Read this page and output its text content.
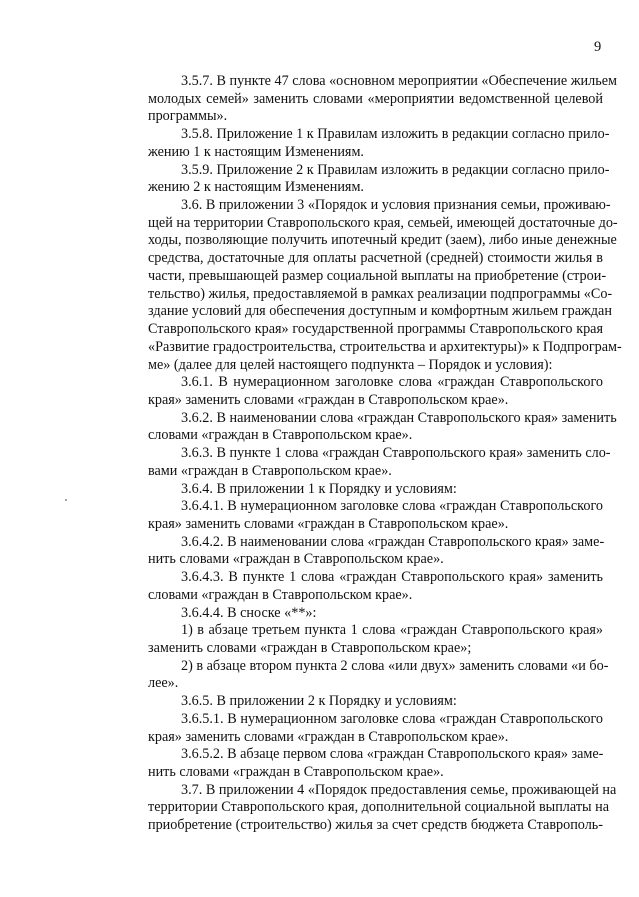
9
3.5.7. В пункте 47 слова «основном мероприятии «Обеспечение жильем
молодых семей» заменить словами «мероприятии ведомственной целевой
программы».
3.5.8. Приложение 1 к Правилам изложить в редакции согласно прило-
жению 1 к настоящим Изменениям.
3.5.9. Приложение 2 к Правилам изложить в редакции согласно прило-
жению 2 к настоящим Изменениям.
3.6. В приложении 3 «Порядок и условия признания семьи, проживаю-
щей на территории Ставропольского края, семьей, имеющей достаточные до-
ходы, позволяющие получить ипотечный кредит (заем), либо иные денежные
средства, достаточные для оплаты расчетной (средней) стоимости жилья в
части, превышающей размер социальной выплаты на приобретение (строи-
тельство) жилья, предоставляемой в рамках реализации подпрограммы «Со-
здание условий для обеспечения доступным и комфортным жильем граждан
Ставропольского края» государственной программы Ставропольского края
«Развитие градостроительства, строительства и архитектуры)» к Подпрограм-
ме» (далее для целей настоящего подпункта – Порядок и условия):
3.6.1. В нумерационном заголовке слова «граждан Ставропольского
края» заменить словами «граждан в Ставропольском крае».
3.6.2. В наименовании слова «граждан Ставропольского края» заменить
словами «граждан в Ставропольском крае».
3.6.3. В пункте 1 слова «граждан Ставропольского края» заменить сло-
вами «граждан в Ставропольском крае».
3.6.4. В приложении 1 к Порядку и условиям:
3.6.4.1. В нумерационном заголовке слова «граждан Ставропольского
края» заменить словами «граждан в Ставропольском крае».
3.6.4.2. В наименовании слова «граждан Ставропольского края» заме-
нить словами «граждан в Ставропольском крае».
3.6.4.3. В пункте 1 слова «граждан Ставропольского края» заменить
словами «граждан в Ставропольском крае».
3.6.4.4. В сноске «**»:
1) в абзаце третьем пункта 1 слова «граждан Ставропольского края»
заменить словами «граждан в Ставропольском крае»;
2) в абзаце втором пункта 2 слова «или двух» заменить словами «и бо-
лее».
3.6.5. В приложении 2 к Порядку и условиям:
3.6.5.1. В нумерационном заголовке слова «граждан Ставропольского
края» заменить словами «граждан в Ставропольском крае».
3.6.5.2. В абзаце первом слова «граждан Ставропольского края» заме-
нить словами «граждан в Ставропольском крае».
3.7. В приложении 4 «Порядок предоставления семье, проживающей на
территории Ставропольского края, дополнительной социальной выплаты на
приобретение (строительство) жилья за счет средств бюджета Ставрополь-
